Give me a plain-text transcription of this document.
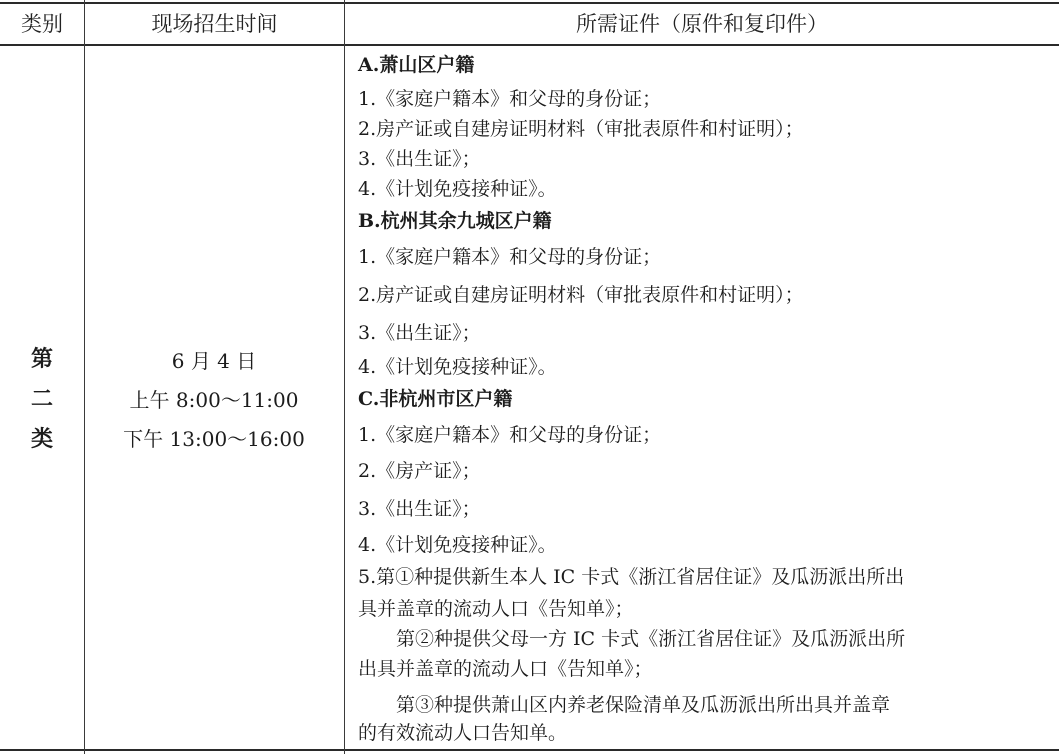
类别	现场招生时间	所需证件（原件和复印件）
第
二
类
6 月 4 日
上午 8:00～11:00
下午 13:00～16:00
A.萧山区户籍
1.《家庭户籍本》和父母的身份证；
2.房产证或自建房证明材料（审批表原件和村证明）；
3.《出生证》；
4.《计划免疫接种证》。
B.杭州其余九城区户籍
1.《家庭户籍本》和父母的身份证；
2.房产证或自建房证明材料（审批表原件和村证明）；
3.《出生证》；
4.《计划免疫接种证》。
C.非杭州市区户籍
1.《家庭户籍本》和父母的身份证；
2.《房产证》；
3.《出生证》；
4.《计划免疫接种证》。
5.第①种提供新生本人 IC 卡式《浙江省居住证》及瓜沥派出所出
具并盖章的流动人口《告知单》；
　　第②种提供父母一方 IC 卡式《浙江省居住证》及瓜沥派出所
出具并盖章的流动人口《告知单》；
　　第③种提供萧山区内养老保险清单及瓜沥派出所出具并盖章
的有效流动人口告知单。
